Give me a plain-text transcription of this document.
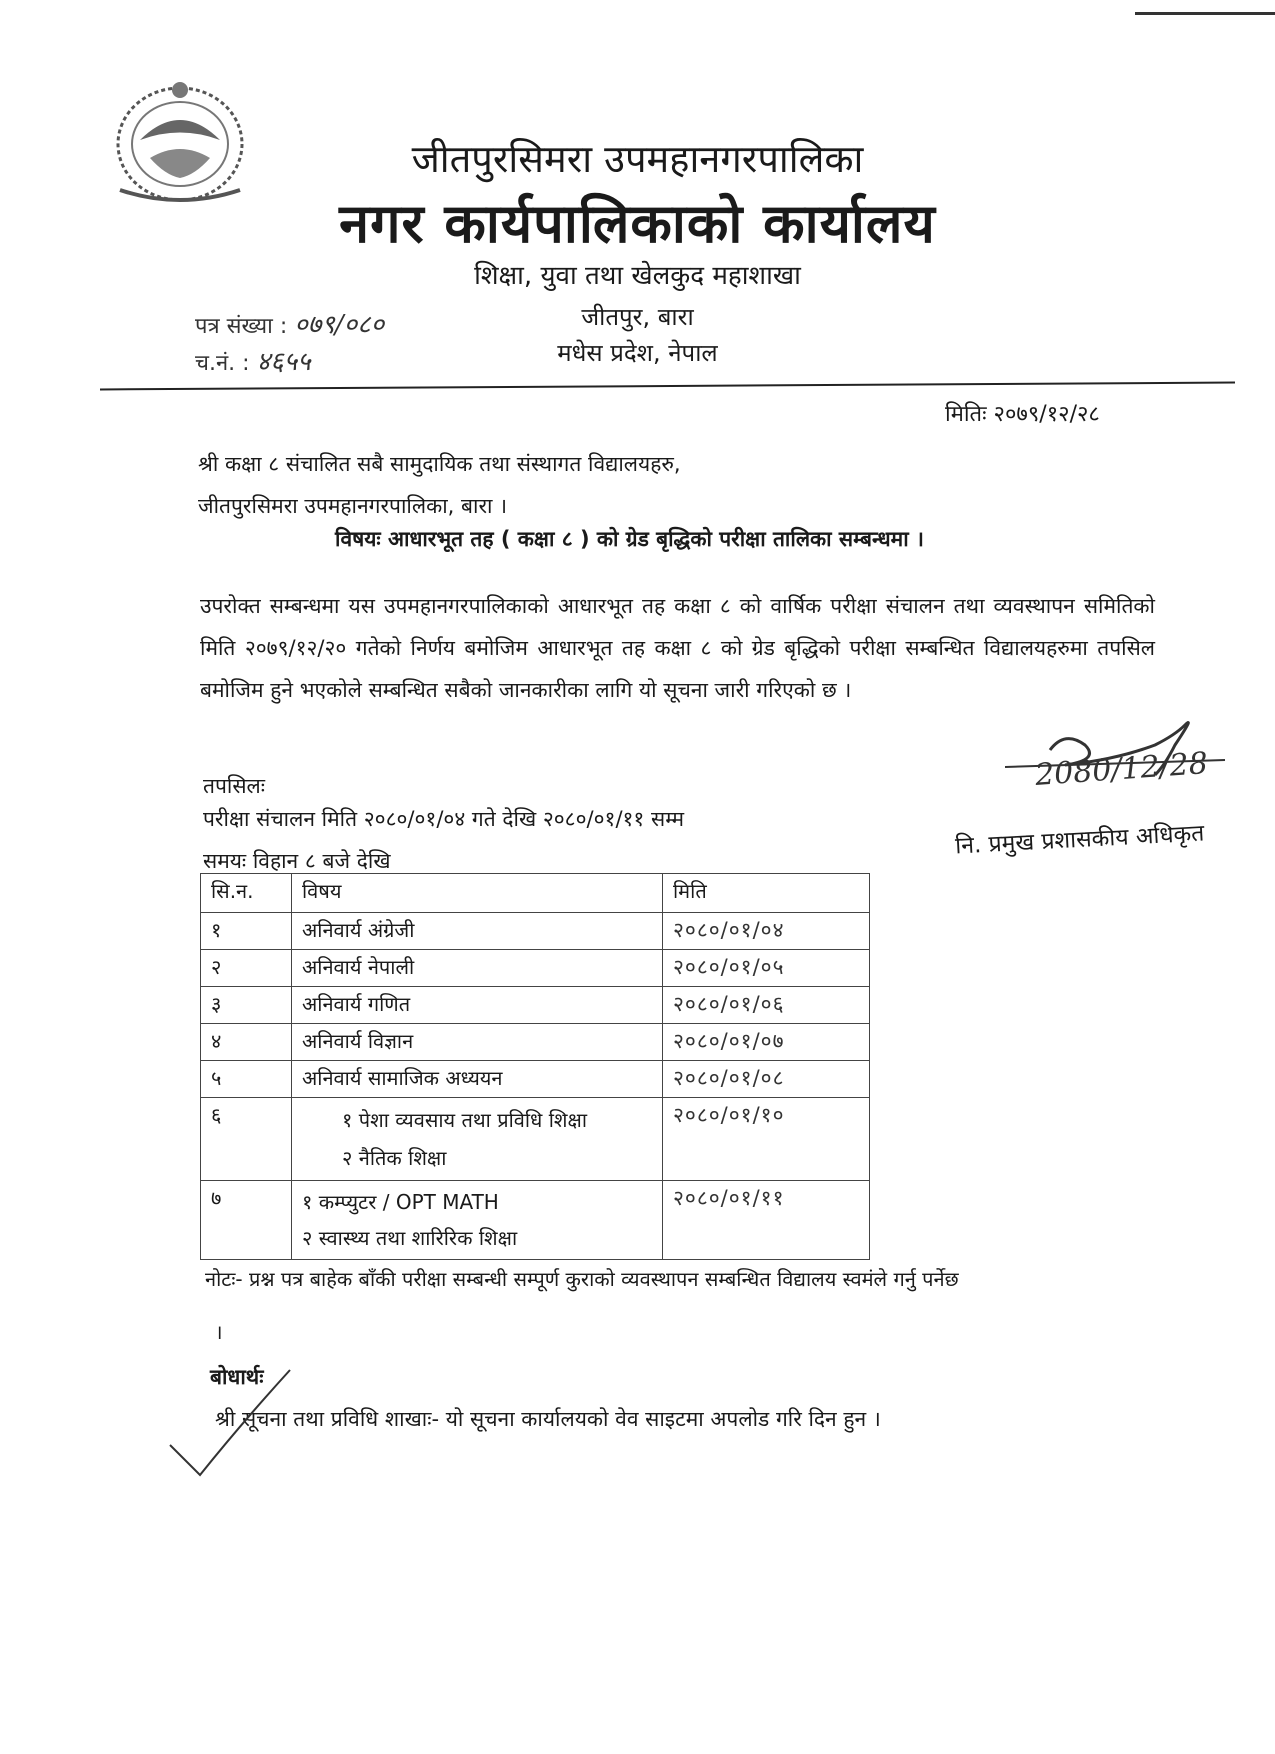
जीतपुरसिमरा उपमहानगरपालिका
नगर कार्यपालिकाको कार्यालय
शिक्षा, युवा तथा खेलकुद महाशाखा
जीतपुर, बारा
मधेस प्रदेश, नेपाल
पत्र संख्या : ०७९/०८०
च.नं. : ४६५५
मितिः २०७९/१२/२८
श्री कक्षा ८ संचालित सबै सामुदायिक तथा संस्थागत विद्यालयहरु,
जीतपुरसिमरा उपमहानगरपालिका, बारा ।
विषयः आधारभूत तह ( कक्षा ८ ) को ग्रेड बृद्धिको परीक्षा तालिका सम्बन्धमा ।
उपरोक्त सम्बन्धमा यस उपमहानगरपालिकाको आधारभूत तह कक्षा ८ को वार्षिक परीक्षा संचालन तथा व्यवस्थापन समितिको मिति २०७९/१२/२० गतेको निर्णय बमोजिम आधारभूत तह कक्षा ८ को ग्रेड बृद्धिको परीक्षा सम्बन्धित विद्यालयहरुमा तपसिल बमोजिम हुने भएकोले सम्बन्धित सबैको जानकारीका लागि यो सूचना जारी गरिएको छ ।
तपसिलः
परीक्षा संचालन मिति २०८०/०१/०४ गते देखि २०८०/०१/११ सम्म
समयः विहान ८ बजे देखि
2080/12/28
नि. प्रमुख प्रशासकीय अधिकृत
सि.न.	विषय	मिति
१	अनिवार्य अंग्रेजी	२०८०/०१/०४
२	अनिवार्य नेपाली	२०८०/०१/०५
३	अनिवार्य गणित	२०८०/०१/०६
४	अनिवार्य विज्ञान	२०८०/०१/०७
५	अनिवार्य सामाजिक अध्ययन	२०८०/०१/०८
६	१ पेशा व्यवसाय तथा प्रविधि शिक्षा
२ नैतिक शिक्षा	२०८०/०१/१०
७	१ कम्प्युटर / OPT MATH
२ स्वास्थ्य तथा शारिरिक शिक्षा	२०८०/०१/११
नोटः- प्रश्न पत्र बाहेक बाँकी परीक्षा सम्बन्धी सम्पूर्ण कुराको व्यवस्थापन सम्बन्धित विद्यालय स्वमंले गर्नु पर्नेछ
।
बोधार्थः
श्री सूचना तथा प्रविधि शाखाः- यो सूचना कार्यालयको वेव साइटमा अपलोड गरि दिन हुन ।
